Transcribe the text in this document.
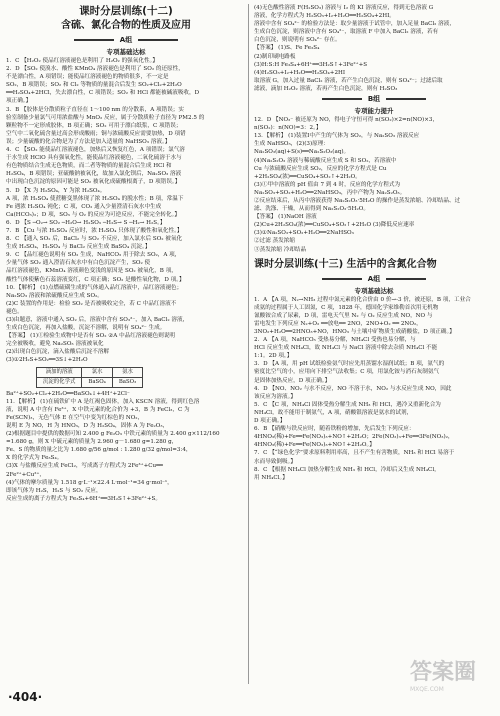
课时分层训练(十二)
含硫、氯化合物的性质及应用
A组
专项基础达标

1．C 【H₂O₂ 使品红溶液褪色是利用了 H₂O₂ 的强氧化性。】

2．D 【SO₂ 使溴水、酸性 KMnO₄ 溶液褪色是利用了 SO₂ 的还原性，

不是漂白性，A 项错误；能使品红溶液褪色的物质很多，不一定是

SO₂，B 项错误；SO₂ 和 Cl₂ 等物质的量混合后发生 SO₂+Cl₂+2H₂O

══H₂SO₄+2HCl，失去漂白性，C 项错误；SO₂ 和 HCl 都能被碱液吸收，D

项正确。】

3．B 【胶体是分散质粒子直径在 1～100 nm 的分散系，A 项错误；实

验室制备少量氯气可用浓盐酸与 MnO₂ 反应，属于分散质粒子直径为 PM2.5 的

颗粒物不一定形成胶体，B 项正确；SO₂ 可用于漂白纸浆，C 项错误；

空气中二氧化硫含量过高会形成酸雨；铜与浓硫酸反应需要加热，D 项错

误；少量硫酸的化合物是为了方法是加入适量的 NaHSO₃ 溶液。】

4．C 【SO₂ 能使品红溶液褪色，加热后又恢复红色，A 项错误；氯气溶

于水生成 HClO 具有强氧化性，能使品红溶液褪色，二氧化硫溶于水与

有色物质结合生成无色物质，而二者等物质的量混合后生成 HCl 和

H₂SO₄，B 项错误；亚硫酸钠被氧化，故加入氯化钡后，Na₂SO₃ 溶液

中出现白色沉淀的原因可能是 SO₂ 被氧化成硫酸根离子，D 项错误。】

5．D 【X 为 H₂SO₄，Y 为浓 H₂SO₄。

A 项，浓 H₂SO₄ 使蔗糖变黑体现了浓 H₂SO₄ 的脱水性；B 项，常温下

Fe 遇浓 H₂SO₄ 钝化；C 项，CO₂ 通入少量澄清石灰水中生成

Ca(HCO₃)₂；D 项，SO₃ 与 O₂ 的反应为可逆反应，不能完全转化。】

6．D 【S ─O₂→ SO₂ ─H₂O→ H₂SO₃ ─H₂S→ S ─H₂→ H₂S。】

7．B 【Cu 与浓 H₂SO₄ 反应时，浓 H₂SO₄ 只体现了酸性和氧化性。】

8．C 【通入 SO₂ 后，BaCl₂ 与 SO₂ 不反应，加入氯水后 SO₂ 被氧化

生成 H₂SO₄，H₂SO₄ 与 BaCl₂ 反应生成 BaSO₄ 沉淀。】

9．C 【品红褪色说明有 SO₂ 生成，NaHCO₃ 用于除去 SO₂，A 项，

少量气体 SO₂ 通入澄清石灰水中有白色沉淀产生，SO₂ 使

品红溶液褪色，KMnO₄ 溶液颜色变浅的原因是 SO₂ 被氧化，B 项，

酸性气体使紫色石蕊溶液变红，C 项正确；SO₂ 是酸性氧化物，D 项。】

10．【解析】 (1)点燃硫磺生成的气体通入品红溶液中，品红溶液褪色；

Na₂SO₃ 溶液和浓硫酸反应生成 SO₂。

(2)C 装置的作用是：检验 SO₂ 是否被吸收完全，若 C 中品红溶液不

褪色。

(3)由题意，溶液中通入 SO₂ 后，溶液中含有 SO₃²⁻，加入 BaCl₂ 溶液，

生成白色沉淀，再加入盐酸，沉淀不溶解，说明有 SO₄²⁻ 生成。

【答案】 (1)①检验生成物中是否有 SO₂ ②A 中品红溶液褪色则说明

完全被吸收，避免 Na₂SO₃ 溶液被氧化

(2)出现白色沉淀，滴入盐酸后沉淀不溶解

(3)①2H₂S+SO₂══3S↓+2H₂O

滴加的溶液	氯水	氨水
沉淀的化学式	BaSO₄	BaSO₃

Ba²⁺+SO₂+Cl₂+2H₂O══BaSO₄↓+4H⁺+2Cl⁻

11．【解析】 (1)在硫铁矿中 A 是红褐色固体，加入 KSCN 溶液，得到红色溶

液，说明 A 中含有 Fe³⁺，X 中铁元素的化合价为 +3，B 为 FeCl₃，C 为

Fe(SCN)₃，无色气体 E 在空气中变为红棕色的 NO₂，

说明 E 为 NO，H 为 HNO₃，D 为 H₂SO₄，固体 A 为 Fe₂O₃，

(2)根据题目中提供的数据可知 2.400 g Fe₂O₃ 中铁元素的质量为 2.400 g×112/160

=1.680 g，则 X 中硫元素的质量为 2.960 g－1.680 g=1.280 g，

Fe、S 的物质的量之比为 1.680 g/56 g/mol : 1.280 g/32 g/mol=3:4，

X 的化学式为 Fe₃S₄。

(3)X 与盐酸反应生成 FeCl₂，写成离子方程式为 2Fe³⁺+Cu══

2Fe²⁺+Cu²⁺，

(4)气体的摩尔质量为 1.518 g·L⁻¹×22.4 L·mol⁻¹=34 g·mol⁻¹，

即该气体为 H₂S，H₂S 与 SO₂ 反应，

反应生成的离子方程式为 Fe₃S₄+6H⁺══3H₂S↑+3Fe²⁺+S。

(4)无色酸性溶液 F(H₂SO₃) 溶液与 I₂ 的 KI 溶液反应，得到无色溶液 G

溶液，化学方程式为 H₂SO₃+I₂+H₂O══H₂SO₄+2HI。

溶液中含有 SO₄²⁻ 的检验方法是：取少量溶液于试管中，加入足量 BaCl₂ 溶液，

生成白色沉淀，则溶液中含有 SO₄²⁻，取溶液 F 中加入 BaCl₂ 溶液，若有

白色沉淀，则说明有 SO₄²⁻ 存在。

【答案】 (1)S、Fe Fe₃S₄

(2)制印刷电路板

(3)H:S:H Fe₃S₄+6H⁺══3H₂S↑+3Fe²⁺+S

(4)H₂SO₃+I₂+H₂O══H₂SO₄+2HI

取溶液 G，加入过量 BaCl₂ 溶液，若产生白色沉淀，则有 SO₄²⁻；过滤后取

滤液，滴加 H₂O₂ 溶液，若再产生白色沉淀，则有 H₂SO₃

B组
专项能力提升

12．D 【NO₃⁻ 被还原为 NO，得电子守恒可得 n(SO₂)×2=n(NO)×3，

n(SO₂)：n(NO)=3：2。】

13．【解析】 (1)装置Ⅰ中产生的气体为 SO₂，与 Na₂SO₃ 溶液反应

生成 NaHSO₃，(2)(3)原理：

Na₂SO₃(aq)+S(s)══Na₂S₂O₃(aq)。

(4)Na₂S₂O₃ 溶液与稀硫酸反应生成 S 和 SO₂，若溶液中

Cu 与浓硫酸反应生成 SO₂，反应的化学方程式是 Cu

+2H₂SO₄(浓)══CuSO₄+SO₂↑+2H₂O。

(3)①甲中溶液的 pH 值由 7 到 4 时，反应的化学方程式为

Na₂SO₃+SO₂+H₂O══2NaHSO₃，丙中产物为 Na₂S₂O₃。

②反应结束后，从丙中溶液获得 Na₂S₂O₃·5H₂O 的操作是蒸发浓缩、冷却结晶、过

滤、洗涤、干燥，从而得到 Na₂S₂O₃·5H₂O。

【答案】 (1)NaOH 溶液

(2)Cu+2H₂SO₄(浓)══CuSO₄+SO₂↑+2H₂O (3)降低反应速率

(3)①Na₂SO₃+SO₂+H₂O══2NaHSO₃

②过滤 蒸发浓缩

③蒸发浓缩 冷却结晶

课时分层训练(十三) 生活中的含氮化合物
A组
专项基础达标

1．A 【A 项，N₂→NH₃ 过程中氮元素的化合价由 0 价→-3 价，被还原，B 项，工业合

成氨的过程属于人工固氮，C 项，1828 年，德国化学家维勒首次用无机物

氰酸铵合成了尿素，D 项，雷电天气里 N₂ 与 O₂ 反应生成 NO，NO 与

雷电发生下列反应 N₂+O₂ ══放电══ 2NO，2NO+O₂ ══ 2NO₂，

3NO₂+H₂O══2HNO₃+NO，HNO₃ 与土壤中矿物质生成硝酸盐，D 项正确。】

2．A 【A 项，NaHCO₃ 受热易分解，NH₄Cl 受热也易分解，与

HCl 反应生成 NH₄Cl，故 NH₄Cl 与 NaCl 溶液中除去杂质 NH₄Cl 不能

1:1。2D 项，】

3．D 【A 项，用 pH 试纸检验氨气时应先用蒸馏水湿润试纸；B 项，氨气的

密度比空气的小，应用向下排空气法收集；C 项，用氯化铵与消石灰制氨气

是固体加热反应，D 项正确。】

4．D 【NO、NO₂ 与水不反应，NO 不溶于水，NO₂ 与水反应生成 NO，因此

该反应为溶液。】

5．C 【C 项，NH₄Cl 固体受热分解生成 NH₃ 和 HCl，遇冷又重新化合为

NH₄Cl，故不能用于制氨气，A 项，硝酸银溶液是氨水的试剂，

D 项正确。】

6．B 【硝酸与铁反应时，随着铁粉的增加，先后发生下列反应：

4HNO₃(稀)+Fe══Fe(NO₃)₃+NO↑+2H₂O；2Fe(NO₃)₃+Fe══3Fe(NO₃)₂，

4HNO₃(稀)+Fe══Fe(NO₃)₃+NO↑+2H₂O。】

7．C 【“绿色化学”要求原料利用率高，且不产生有害物质，NH₃ 和 HCl 易溶于

水而导致倒吸。】

8．C 【根据 NH₄Cl 加热分解生成 NH₃ 和 HCl，冷却后又生成 NH₄Cl，

用 NH₄Cl。】

·404·
答案圈
MXQE.COM
